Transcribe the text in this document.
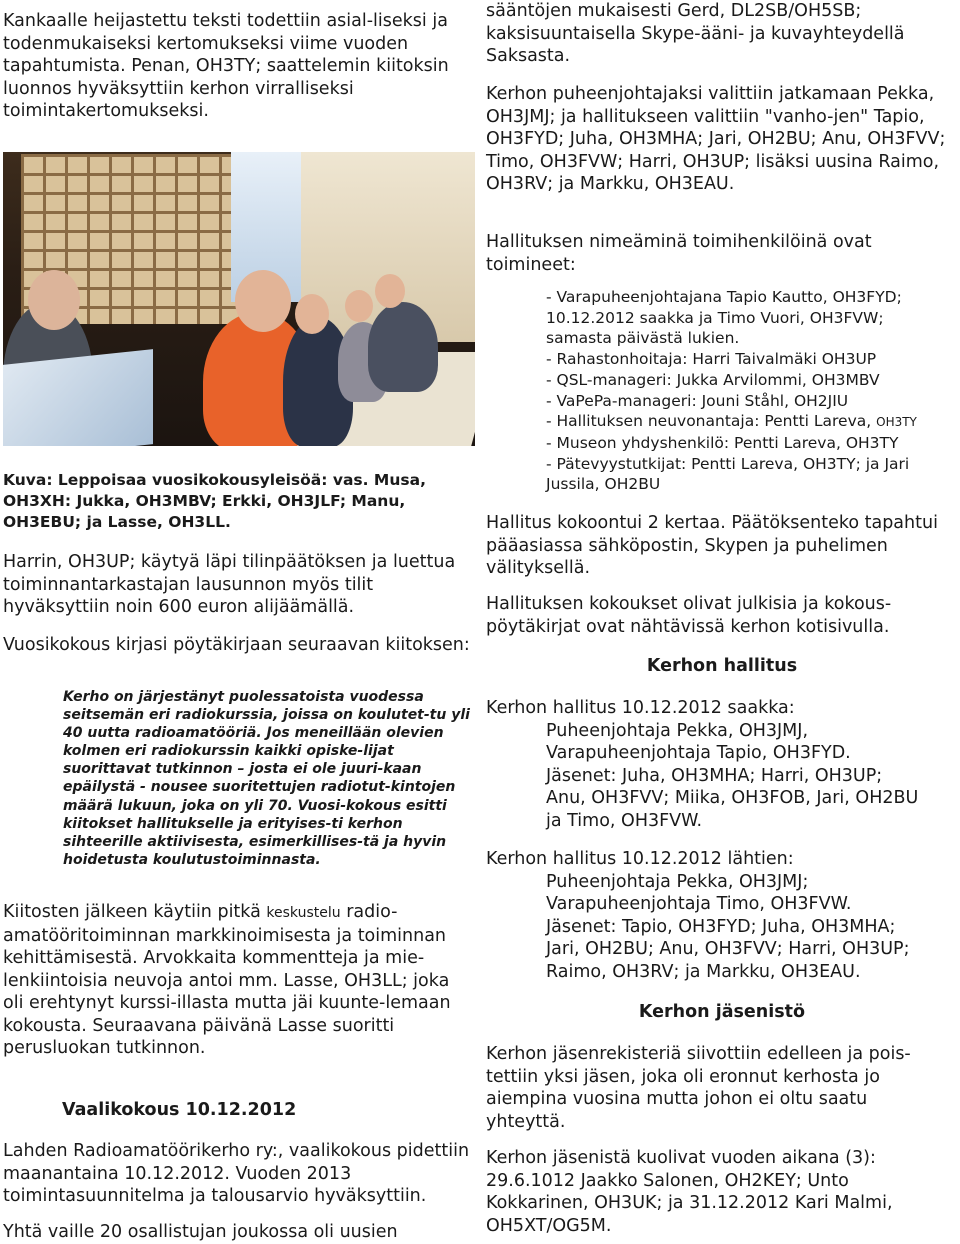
Kankaalle heijastettu teksti todettiin asial-liseksi ja todenmukaiseksi kertomukseksi viime vuoden tapahtumista. Penan, OH3TY; saattelemin kiitoksin luonnos hyväksyttiin kerhon virralliseksi toimintakertomukseksi.

Kuva: Leppoisaa vuosikokousyleisöä: vas. Musa, OH3XH: Jukka, OH3MBV; Erkki, OH3JLF; Manu, OH3EBU; ja Lasse, OH3LL.

Harrin, OH3UP; käytyä läpi tilinpäätöksen ja luettua toiminnantarkastajan lausunnon myös tilit hyväksyttiin noin 600 euron alijäämällä.

Vuosikokous kirjasi pöytäkirjaan seuraavan kiitoksen:

Kerho on järjestänyt puolessatoista vuodessa seitsemän eri radiokurssia, joissa on koulutet-tu yli 40 uutta radioamatööriä. Jos meneillään olevien kolmen eri radiokurssin kaikki opiske-lijat suorittavat tutkinnon – josta ei ole juuri-kaan epäilystä - nousee suoritettujen radiotut-kintojen määrä lukuun, joka on yli 70. Vuosi-kokous esitti kiitokset hallitukselle ja erityises-ti kerhon sihteerille aktiivisesta, esimerkillises-tä ja hyvin hoidetusta koulutustoiminnasta.

Kiitosten jälkeen käytiin pitkä keskustelu radio-amatööritoiminnan markkinoimisesta ja toiminnan kehittämisestä. Arvokkaita kommentteja ja mie-lenkiintoisia neuvoja antoi mm. Lasse, OH3LL; joka oli erehtynyt kurssi-illasta mutta jäi kuunte-lemaan kokousta. Seuraavana päivänä Lasse suoritti perusluokan tutkinnon.

Vaalikokous 10.12.2012

Lahden Radioamatöörikerho ry:, vaalikokous pidettiin maanantaina 10.12.2012. Vuoden 2013 toimintasuunnitelma ja talousarvio hyväksyttiin.

Yhtä vaille 20 osallistujan joukossa oli uusien

sääntöjen mukaisesti Gerd, DL2SB/OH5SB; kaksisuuntaisella Skype-ääni- ja kuvayhteydellä Saksasta.

Kerhon puheenjohtajaksi valittiin jatkamaan Pekka, OH3JMJ; ja hallitukseen valittiin "vanho-jen" Tapio, OH3FYD; Juha, OH3MHA; Jari, OH2BU; Anu, OH3FVV; Timo, OH3FVW; Harri, OH3UP; lisäksi uusina Raimo, OH3RV; ja Markku, OH3EAU.

Hallituksen nimeäminä toimihenkilöinä ovat toimineet:

- Varapuheenjohtajana Tapio Kautto, OH3FYD;
10.12.2012 saakka ja Timo Vuori, OH3FVW;
samasta päivästä lukien.
- Rahastonhoitaja: Harri Taivalmäki OH3UP
- QSL-manageri: Jukka Arvilommi, OH3MBV
- VaPePa-manageri: Jouni Ståhl, OH2JIU
- Hallituksen neuvonantaja: Pentti Lareva, OH3TY
- Museon yhdyshenkilö: Pentti Lareva, OH3TY
- Pätevyystutkijat: Pentti Lareva, OH3TY; ja Jari
Jussila, OH2BU

Hallitus kokoontui 2 kertaa. Päätöksenteko tapahtui pääasiassa sähköpostin, Skypen ja puhelimen välityksellä.

Hallituksen kokoukset olivat julkisia ja kokous-pöytäkirjat ovat nähtävissä kerhon kotisivulla.

Kerhon hallitus

Kerhon hallitus 10.12.2012 saakka:

Puheenjohtaja Pekka, OH3JMJ,

Varapuheenjohtaja Tapio, OH3FYD.

Jäsenet: Juha, OH3MHA; Harri, OH3UP;

Anu, OH3FVV; Miika, OH3FOB, Jari, OH2BU

ja Timo, OH3FVW.

Kerhon hallitus 10.12.2012 lähtien:

Puheenjohtaja Pekka, OH3JMJ;

Varapuheenjohtaja Timo, OH3FVW.

Jäsenet: Tapio, OH3FYD; Juha, OH3MHA;

Jari, OH2BU; Anu, OH3FVV; Harri, OH3UP;

Raimo, OH3RV; ja Markku, OH3EAU.

Kerhon jäsenistö

Kerhon jäsenrekisteriä siivottiin edelleen ja pois-tettiin yksi jäsen, joka oli eronnut kerhosta jo aiempina vuosina mutta johon ei oltu saatu yhteyttä.

Kerhon jäsenistä kuolivat vuoden aikana (3): 29.6.1012 Jaakko Salonen, OH2KEY; Unto Kokkarinen, OH3UK; ja 31.12.2012 Kari Malmi, OH5XT/OG5M.
